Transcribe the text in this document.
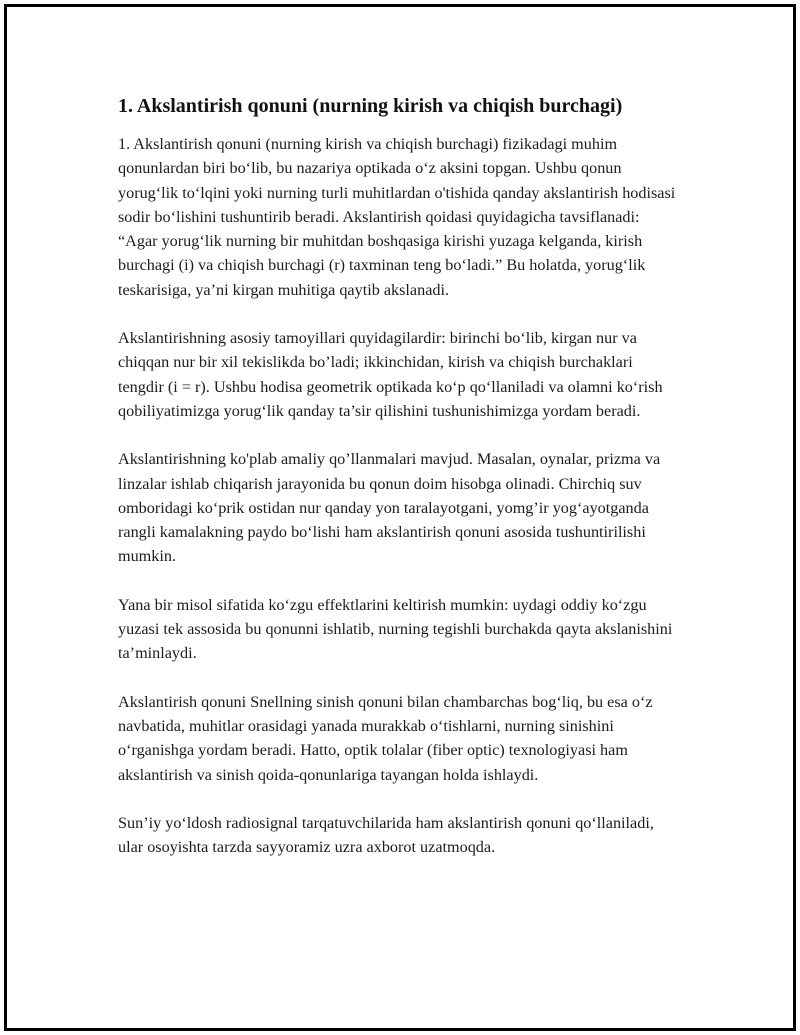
1. Akslantirish qonuni (nurning kirish va chiqish burchagi)

1. Akslantirish qonuni (nurning kirish va chiqish burchagi) fizikadagi muhim qonunlardan biri bo‘lib, bu nazariya optikada o‘z aksini topgan. Ushbu qonun yorug‘lik to‘lqini yoki nurning turli muhitlardan o'tishida qanday akslantirish hodisasi sodir bo‘lishini tushuntirib beradi. Akslantirish qoidasi quyidagicha tavsiflanadi: “Agar yorug‘lik nurning bir muhitdan boshqasiga kirishi yuzaga kelganda, kirish burchagi (i) va chiqish burchagi (r) taxminan teng bo‘ladi.” Bu holatda, yorug‘lik teskarisiga, ya’ni kirgan muhitiga qaytib akslanadi.

Akslantirishning asosiy tamoyillari quyidagilardir: birinchi bo‘lib, kirgan nur va chiqqan nur bir xil tekislikda bo’ladi; ikkinchidan, kirish va chiqish burchaklari tengdir (i = r). Ushbu hodisa geometrik optikada ko‘p qo‘llaniladi va olamni ko‘rish qobiliyatimizga yorug‘lik qanday ta’sir qilishini tushunishimizga yordam beradi.

Akslantirishning ko'plab amaliy qo’llanmalari mavjud. Masalan, oynalar, prizma va linzalar ishlab chiqarish jarayonida bu qonun doim hisobga olinadi. Chirchiq suv omboridagi ko‘prik ostidan nur qanday yon taralayotgani, yomg’ir yog‘ayotganda rangli kamalakning paydo bo‘lishi ham akslantirish qonuni asosida tushuntirilishi mumkin.

Yana bir misol sifatida ko‘zgu effektlarini keltirish mumkin: uydagi oddiy ko‘zgu yuzasi tek assosida bu qonunni ishlatib, nurning tegishli burchakda qayta akslanishini ta’minlaydi.

Akslantirish qonuni Snellning sinish qonuni bilan chambarchas bog‘liq, bu esa o‘z navbatida, muhitlar orasidagi yanada murakkab o‘tishlarni, nurning sinishini o‘rganishga yordam beradi. Hatto, optik tolalar (fiber optic) texnologiyasi ham akslantirish va sinish qoida-qonunlariga tayangan holda ishlaydi.

Sun’iy yo‘ldosh radiosignal tarqatuvchilarida ham akslantirish qonuni qo‘llaniladi, ular osoyishta tarzda sayyoramiz uzra axborot uzatmoqda.
